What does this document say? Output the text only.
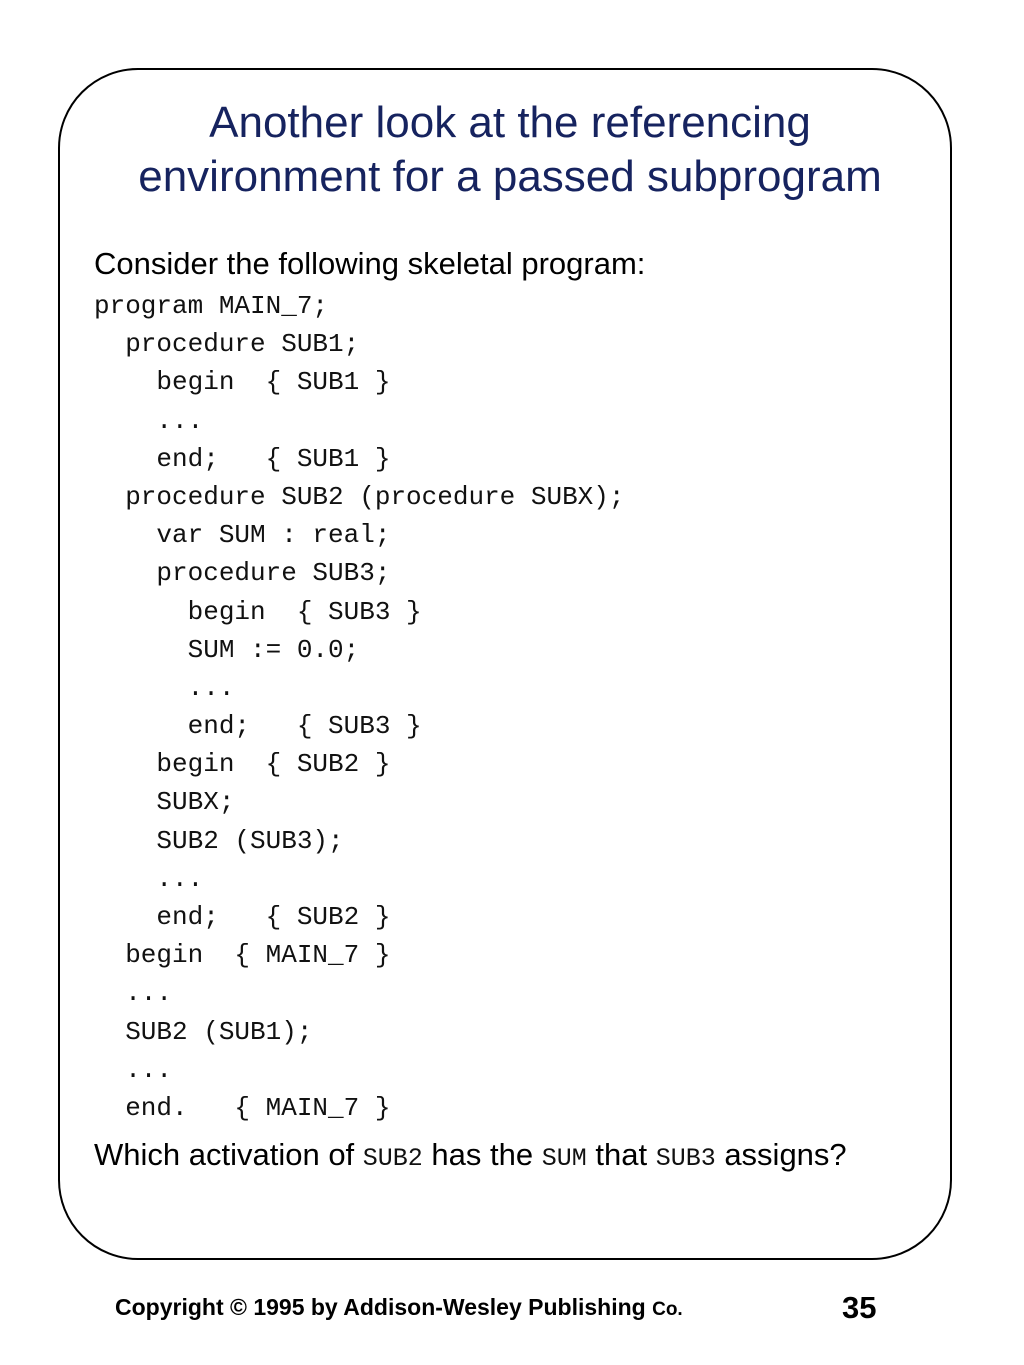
Another look at the referencing
environment for a passed subprogram
Consider the following skeletal program:
program MAIN_7;
procedure SUB1;
begin  { SUB1 }
...
end;   { SUB1 }
procedure SUB2 (procedure SUBX);
var SUM : real;
procedure SUB3;
begin  { SUB3 }
SUM := 0.0;
...
end;   { SUB3 }
begin  { SUB2 }
SUBX;
SUB2 (SUB3);
...
end;   { SUB2 }
begin  { MAIN_7 }
...
SUB2 (SUB1);
...
end.   { MAIN_7 }
Which activation of SUB2 has the SUM that SUB3 assigns?
Copyright © 1995 by Addison-Wesley Publishing Co.	35
